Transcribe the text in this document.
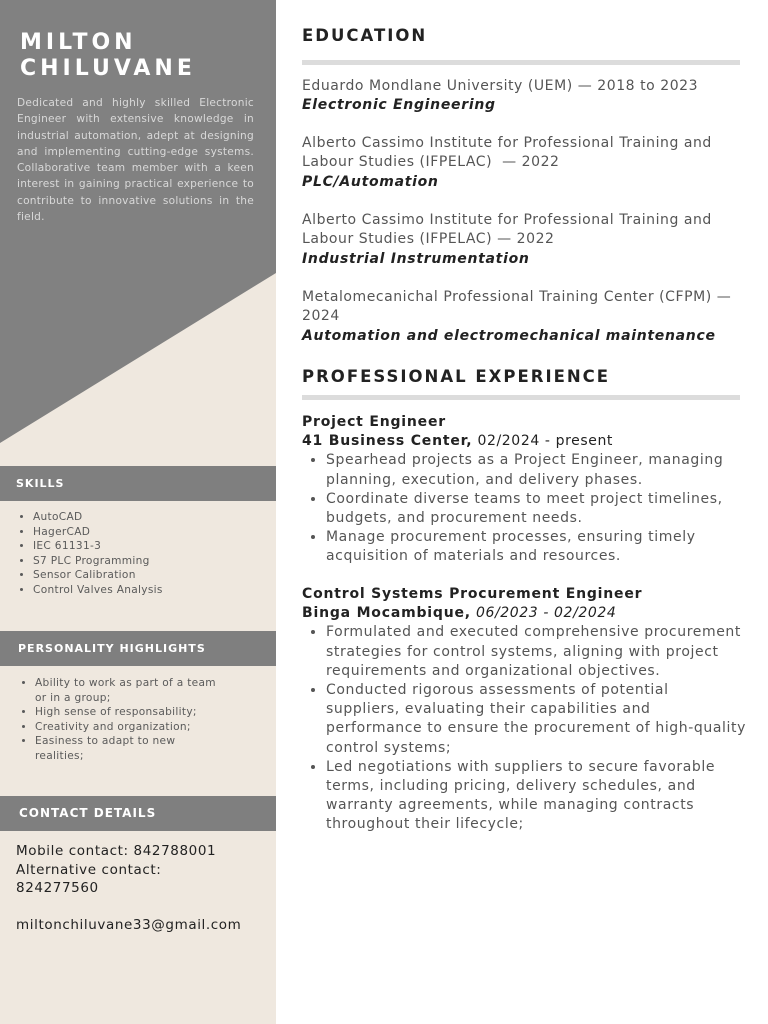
MILTON
CHILUVANE
Dedicated and highly skilled Electronic Engineer with extensive knowledge in industrial automation, adept at designing and implementing cutting-edge systems. Collaborative team member with a keen interest in gaining practical experience to contribute to innovative solutions in the field.
SKILLS
• AutoCAD
• HagerCAD
• IEC 61131-3
• S7 PLC Programming
• Sensor Calibration
• Control Valves Analysis
PERSONALITY HIGHLIGHTS
• Ability to work as part of a team or in a group;
• High sense of responsability;
• Creativity and organization;
• Easiness to adapt to new realities;
CONTACT DETAILS
Mobile contact: 842788001
Alternative contact:
824277560
miltonchiluvane33@gmail.com
EDUCATION
Eduardo Mondlane University (UEM) — 2018 to 2023
Electronic Engineering
Alberto Cassimo Institute for Professional Training and Labour Studies (IFPELAC)  — 2022
PLC/Automation
Alberto Cassimo Institute for Professional Training and Labour Studies (IFPELAC) — 2022
Industrial Instrumentation
Metalomecanichal Professional Training Center (CFPM) — 2024
Automation and electromechanical maintenance
PROFESSIONAL EXPERIENCE
Project Engineer
41 Business Center, 02/2024 - present
• Spearhead projects as a Project Engineer, managing planning, execution, and delivery phases.
• Coordinate diverse teams to meet project timelines, budgets, and procurement needs.
• Manage procurement processes, ensuring timely acquisition of materials and resources.
Control Systems Procurement Engineer
Binga Mocambique, 06/2023 - 02/2024
• Formulated and executed comprehensive procurement strategies for control systems, aligning with project requirements and organizational objectives.
• Conducted rigorous assessments of potential suppliers, evaluating their capabilities and performance to ensure the procurement of high-quality control systems;
• Led negotiations with suppliers to secure favorable terms, including pricing, delivery schedules, and warranty agreements, while managing contracts throughout their lifecycle;
